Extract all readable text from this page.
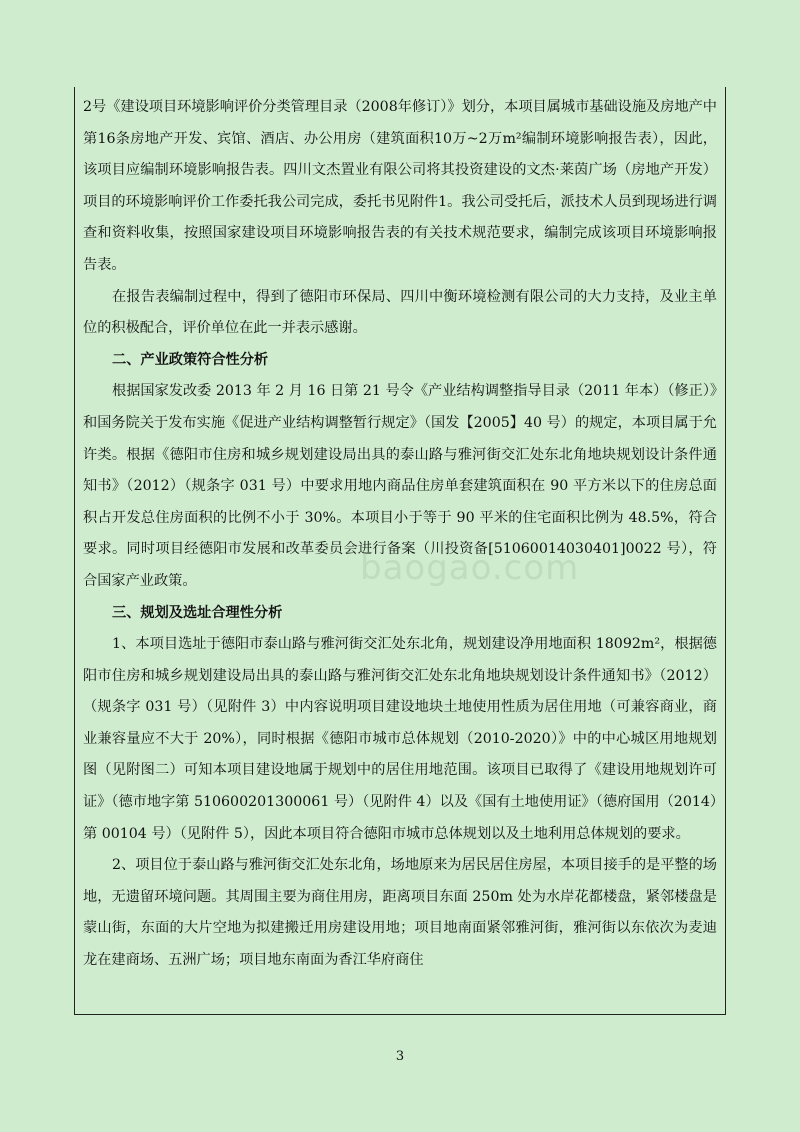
2号《建设项目环境影响评价分类管理目录（2008年修订）》划分，本项目属城市基础设施及房地产中第16条房地产开发、宾馆、酒店、办公用房（建筑面积10万~2万m²编制环境影响报告表），因此，该项目应编制环境影响报告表。四川文杰置业有限公司将其投资建设的文杰·莱茵广场（房地产开发）项目的环境影响评价工作委托我公司完成，委托书见附件1。我公司受托后，派技术人员到现场进行调查和资料收集，按照国家建设项目环境影响报告表的有关技术规范要求，编制完成该项目环境影响报告表。

在报告表编制过程中，得到了德阳市环保局、四川中衡环境检测有限公司的大力支持，及业主单位的积极配合，评价单位在此一并表示感谢。

二、产业政策符合性分析

根据国家发改委 2013 年 2 月 16 日第 21 号令《产业结构调整指导目录（2011 年本）（修正）》和国务院关于发布实施《促进产业结构调整暂行规定》（国发【2005】40 号）的规定，本项目属于允许类。根据《德阳市住房和城乡规划建设局出具的泰山路与雅河街交汇处东北角地块规划设计条件通知书》（2012）（规条字 031 号）中要求用地内商品住房单套建筑面积在 90 平方米以下的住房总面积占开发总住房面积的比例不小于 30%。本项目小于等于 90 平米的住宅面积比例为 48.5%，符合要求。同时项目经德阳市发展和改革委员会进行备案（川投资备[51060014030401]0022 号），符合国家产业政策。

三、规划及选址合理性分析

1、本项目选址于德阳市泰山路与雅河街交汇处东北角，规划建设净用地面积 18092m²，根据德阳市住房和城乡规划建设局出具的泰山路与雅河街交汇处东北角地块规划设计条件通知书》（2012）（规条字 031 号）（见附件 3）中内容说明项目建设地块土地使用性质为居住用地（可兼容商业，商业兼容量应不大于 20%），同时根据《德阳市城市总体规划（2010-2020）》中的中心城区用地规划图（见附图二）可知本项目建设地属于规划中的居住用地范围。该项目已取得了《建设用地规划许可证》（德市地字第 510600201300061 号）（见附件 4）以及《国有土地使用证》（德府国用（2014）第 00104 号）（见附件 5），因此本项目符合德阳市城市总体规划以及土地利用总体规划的要求。

2、项目位于泰山路与雅河街交汇处东北角，场地原来为居民居住房屋，本项目接手的是平整的场地，无遗留环境问题。其周围主要为商住用房，距离项目东面 250m 处为水岸花都楼盘，紧邻楼盘是蒙山街，东面的大片空地为拟建搬迁用房建设用地；项目地南面紧邻雅河街，雅河街以东依次为麦迪龙在建商场、五洲广场；项目地东南面为香江华府商住

baogao.com
3
